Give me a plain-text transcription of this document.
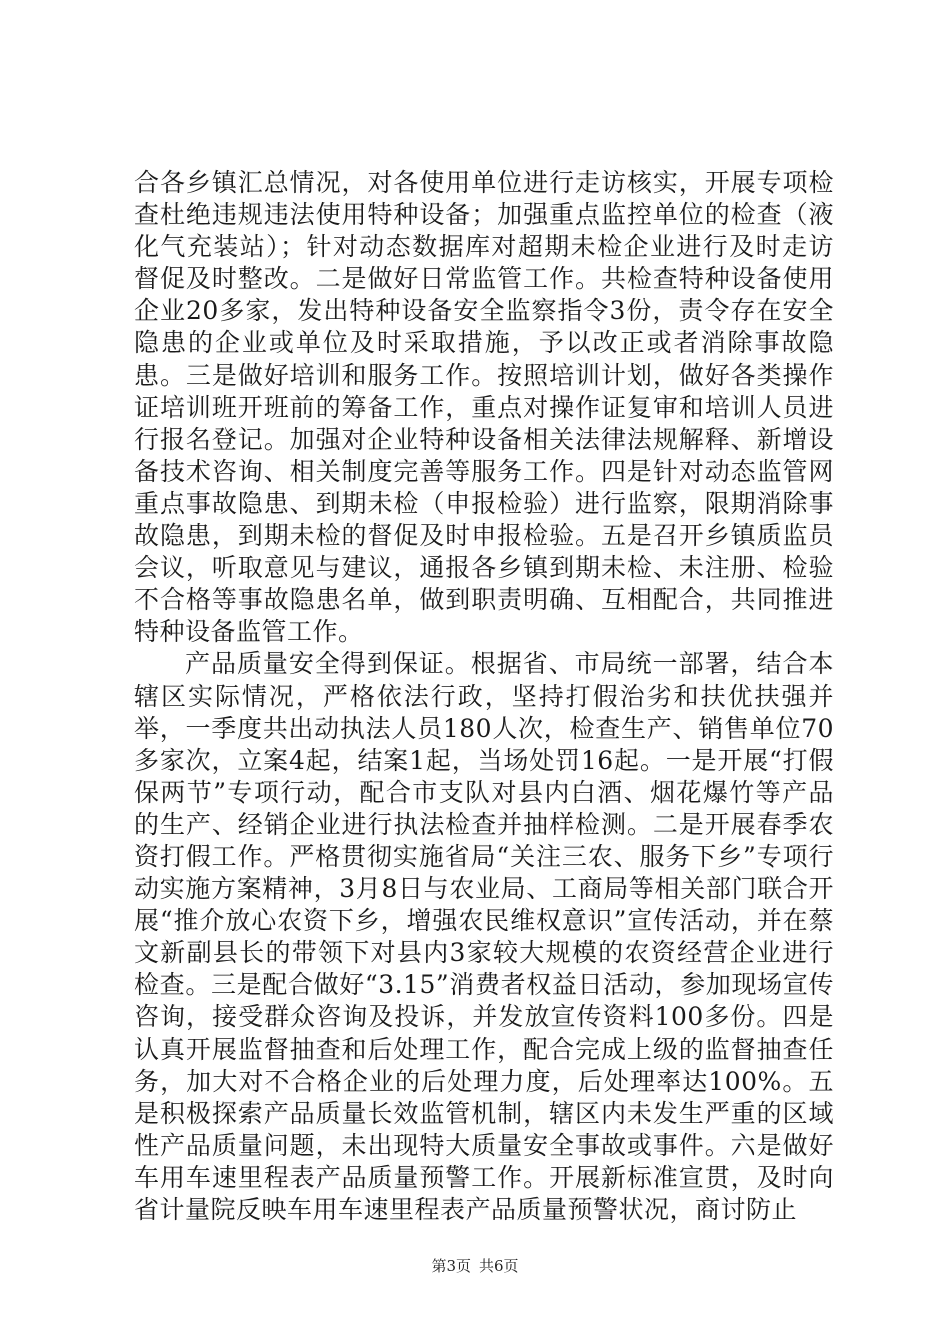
合各乡镇汇总情况，对各使用单位进行走访核实，开展专项检查杜绝违规违法使用特种设备；加强重点监控单位的检查（液化气充装站）；针对动态数据库对超期未检企业进行及时走访督促及时整改。二是做好日常监管工作。共检查特种设备使用企业20多家，发出特种设备安全监察指令3份，责令存在安全隐患的企业或单位及时采取措施，予以改正或者消除事故隐患。三是做好培训和服务工作。按照培训计划，做好各类操作证培训班开班前的筹备工作，重点对操作证复审和培训人员进行报名登记。加强对企业特种设备相关法律法规解释、新增设备技术咨询、相关制度完善等服务工作。四是针对动态监管网重点事故隐患、到期未检（申报检验）进行监察，限期消除事故隐患，到期未检的督促及时申报检验。五是召开乡镇质监员会议，听取意见与建议，通报各乡镇到期未检、未注册、检验不合格等事故隐患名单，做到职责明确、互相配合，共同推进特种设备监管工作。

产品质量安全得到保证。根据省、市局统一部署，结合本辖区实际情况，严格依法行政，坚持打假治劣和扶优扶强并举，一季度共出动执法人员180人次，检查生产、销售单位70多家次，立案4起，结案1起，当场处罚16起。一是开展“打假保两节”专项行动，配合市支队对县内白酒、烟花爆竹等产品的生产、经销企业进行执法检查并抽样检测。二是开展春季农资打假工作。严格贯彻实施省局“关注三农、服务下乡”专项行动实施方案精神，3月8日与农业局、工商局等相关部门联合开展“推介放心农资下乡，增强农民维权意识”宣传活动，并在蔡文新副县长的带领下对县内3家较大规模的农资经营企业进行检查。三是配合做好“3.15”消费者权益日活动，参加现场宣传咨询，接受群众咨询及投诉，并发放宣传资料100多份。四是认真开展监督抽查和后处理工作，配合完成上级的监督抽查任务，加大对不合格企业的后处理力度，后处理率达100%。五是积极探索产品质量长效监管机制，辖区内未发生严重的区域性产品质量问题，未出现特大质量安全事故或事件。六是做好车用车速里程表产品质量预警工作。开展新标准宣贯，及时向省计量院反映车用车速里程表产品质量预警状况，商讨防止

第3页 共6页
